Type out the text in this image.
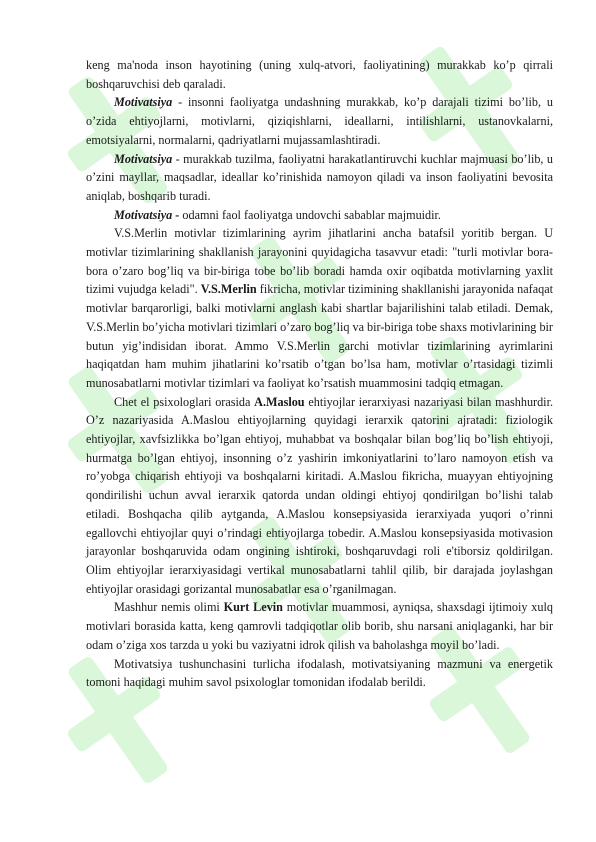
keng ma'noda inson hayotining (uning xulq-atvori, faoliyatining) murakkab ko’p qirrali boshqaruvchisi deb qaraladi.

Motivatsiya - insonni faoliyatga undashning murakkab, ko’p darajali tizimi bo’lib, u o’zida ehtiyojlarni, motivlarni, qiziqishlarni, ideallarni, intilishlarni, ustanovkalarni, emotsiyalarni, normalarni, qadriyatlarni mujassamlashtiradi.

Motivatsiya - murakkab tuzilma, faoliyatni harakatlantiruvchi kuchlar majmuasi bo’lib, u o’zini mayllar, maqsadlar, ideallar ko’rinishida namoyon qiladi va inson faoliyatini bevosita aniqlab, boshqarib turadi.

Motivatsiya - odamni faol faoliyatga undovchi sabablar majmuidir.

V.S.Merlin motivlar tizimlarining ayrim jihatlarini ancha batafsil yoritib bergan. U motivlar tizimlarining shakllanish jarayonini quyidagicha tasavvur etadi: "turli motivlar bora-bora o’zaro bog’liq va bir-biriga tobe bo’lib boradi hamda oxir oqibatda motivlarning yaxlit tizimi vujudga keladi". V.S.Merlin fikricha, motivlar tizimining shakllanishi jarayonida nafaqat motivlar barqarorligi, balki motivlarni anglash kabi shartlar bajarilishini talab etiladi. Demak, V.S.Merlin bo’yicha motivlari tizimlari o’zaro bog’liq va bir-biriga tobe shaxs motivlarining bir butun yig’indisidan iborat. Ammo V.S.Merlin garchi motivlar tizimlarining ayrimlarini haqiqatdan ham muhim jihatlarini ko’rsatib o’tgan bo’lsa ham, motivlar o’rtasidagi tizimli munosabatlarni motivlar tizimlari va faoliyat ko’rsatish muammosini tadqiq etmagan.

Chet el psixologlari orasida A.Maslou ehtiyojlar ierarxiyasi nazariyasi bilan mashhurdir. O’z nazariyasida A.Maslou ehtiyojlarning quyidagi ierarxik qatorini ajratadi: fiziologik ehtiyojlar, xavfsizlikka bo’lgan ehtiyoj, muhabbat va boshqalar bilan bog’liq bo’lish ehtiyoji, hurmatga bo’lgan ehtiyoj, insonning o’z yashirin imkoniyatlarini to’laro namoyon etish va ro’yobga chiqarish ehtiyoji va boshqalarni kiritadi. A.Maslou fikricha, muayyan ehtiyojning qondirilishi uchun avval ierarxik qatorda undan oldingi ehtiyoj qondirilgan bo’lishi talab etiladi. Boshqacha qilib aytganda, A.Maslou konsepsiyasida ierarxiyada yuqori o’rinni egallovchi ehtiyojlar quyi o’rindagi ehtiyojlarga tobedir. A.Maslou konsepsiyasida motivasion jarayonlar boshqaruvida odam ongining ishtiroki, boshqaruvdagi roli e'tiborsiz qoldirilgan. Olim ehtiyojlar ierarxiyasidagi vertikal munosabatlarni tahlil qilib, bir darajada joylashgan ehtiyojlar orasidagi gorizantal munosabatlar esa o’rganilmagan.

Mashhur nemis olimi Kurt Levin motivlar muammosi, ayniqsa, shaxsdagi ijtimoiy xulq motivlari borasida katta, keng qamrovli tadqiqotlar olib borib, shu narsani aniqlaganki, har bir odam o’ziga xos tarzda u yoki bu vaziyatni idrok qilish va baholashga moyil bo’ladi.

Motivatsiya tushunchasini turlicha ifodalash, motivatsiyaning mazmuni va energetik tomoni haqidagi muhim savol psixologlar tomonidan ifodalab berildi.
